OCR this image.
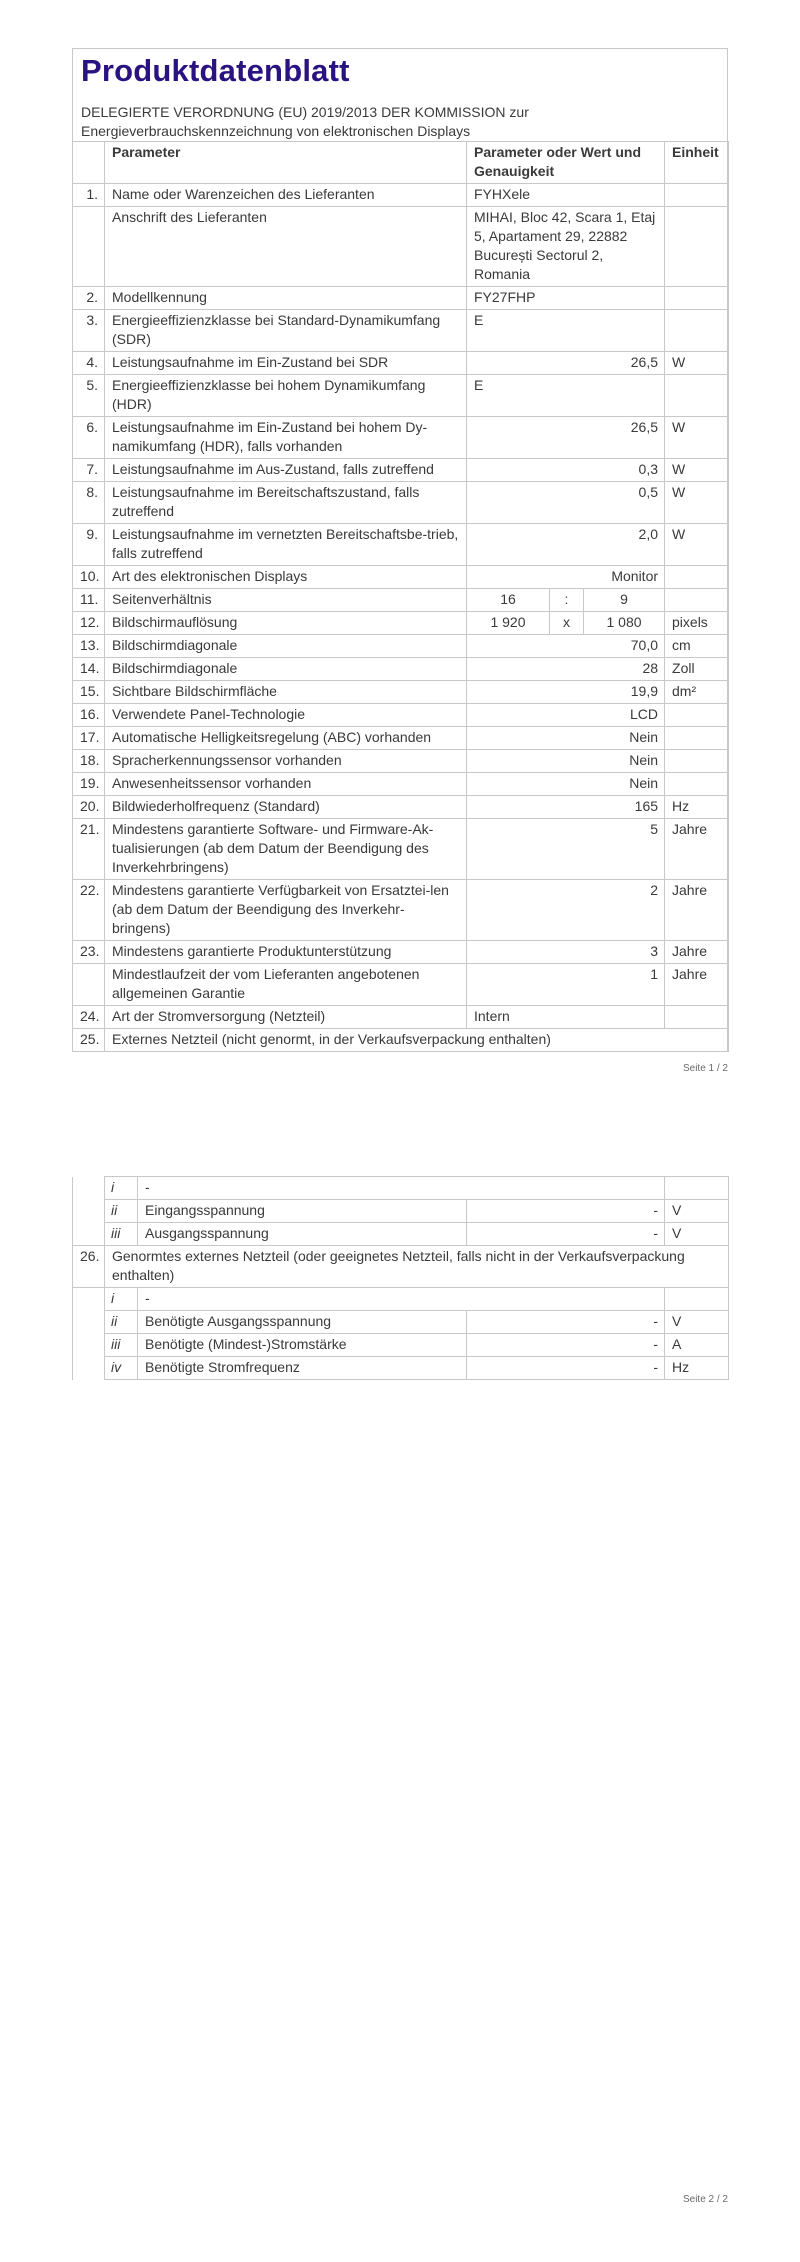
Produktdatenblatt
DELEGIERTE VERORDNUNG (EU) 2019/2013 DER KOMMISSION zur
Energieverbrauchskennzeichnung von elektronischen Displays
	Parameter	Parameter oder Wert und Genauigkeit			Einheit
1.	Name oder Warenzeichen des Lieferanten	FYHXele			
	Anschrift des Lieferanten	MIHAI, Bloc 42, Scara 1, Etaj 5, Apartament 29, 22882 București Sectorul 2, Romania			
2.	Modellkennung	FY27FHP			
3.	Energieeffizienzklasse bei Standard-Dynamikumfang (SDR)	E			
4.	Leistungsaufnahme im Ein-Zustand bei SDR	26,5			W
5.	Energieeffizienzklasse bei hohem Dynamikumfang (HDR)	E			
6.	Leistungsaufnahme im Ein-Zustand bei hohem Dy-namikumfang (HDR), falls vorhanden	26,5			W
7.	Leistungsaufnahme im Aus-Zustand, falls zutreffend	0,3			W
8.	Leistungsaufnahme im Bereitschaftszustand, falls zutreffend	0,5			W
9.	Leistungsaufnahme im vernetzten Bereitschaftsbe-trieb, falls zutreffend	2,0			W
10.	Art des elektronischen Displays	Monitor			
11.	Seitenverhältnis	16	:	9	
12.	Bildschirmauflösung	1 920	x	1 080	pixels
13.	Bildschirmdiagonale	70,0			cm
14.	Bildschirmdiagonale	28			Zoll
15.	Sichtbare Bildschirmfläche	19,9			dm²
16.	Verwendete Panel-Technologie	LCD			
17.	Automatische Helligkeitsregelung (ABC) vorhanden	Nein			
18.	Spracherkennungssensor vorhanden	Nein			
19.	Anwesenheitssensor vorhanden	Nein			
20.	Bildwiederholfrequenz (Standard)	165			Hz
21.	Mindestens garantierte Software- und Firmware-Ak-tualisierungen (ab dem Datum der Beendigung des Inverkehrbringens)	5			Jahre
22.	Mindestens garantierte Verfügbarkeit von Ersatztei-len (ab dem Datum der Beendigung des Inverkehr-bringens)	2			Jahre
23.	Mindestens garantierte Produktunterstützung	3			Jahre
	Mindestlaufzeit der vom Lieferanten angebotenen allgemeinen Garantie	1			Jahre
24.	Art der Stromversorgung (Netzteil)	Intern			
25.	Externes Netzteil (nicht genormt, in der Verkaufsverpackung enthalten)				
Seite 1 / 2
	i	-		
	ii	Eingangsspannung	-	V
	iii	Ausgangsspannung	-	V
26.	Genormtes externes Netzteil (oder geeignetes Netzteil, falls nicht in der Verkaufsverpackung enthalten)			
	i	-		
	ii	Benötigte Ausgangsspannung	-	V
	iii	Benötigte (Mindest-)Stromstärke	-	A
	iv	Benötigte Stromfrequenz	-	Hz
Seite 2 / 2
